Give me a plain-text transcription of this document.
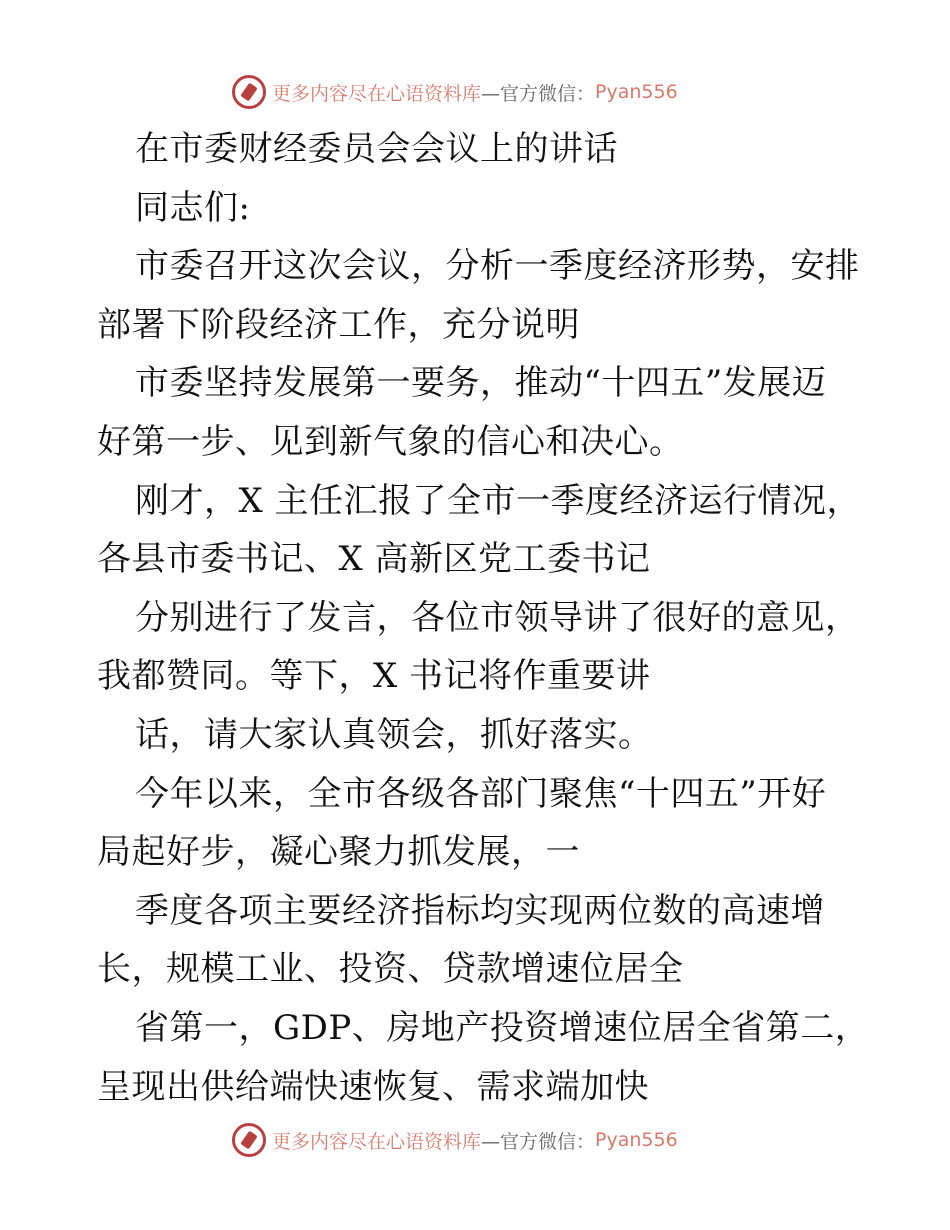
更多内容尽在心语资料库 —官方微信： Pyan556
在市委财经委员会会议上的讲话
同志们:
市委召开这次会议，分析一季度经济形势，安排
部署下阶段经济工作，充分说明
市委坚持发展第一要务，推动“十四五”发展迈
好第一步、见到新气象的信心和决心。
刚才，X 主任汇报了全市一季度经济运行情况，
各县市委书记、X 高新区党工委书记
分别进行了发言，各位市领导讲了很好的意见，
我都赞同。等下，X 书记将作重要讲
话，请大家认真领会，抓好落实。
今年以来，全市各级各部门聚焦“十四五”开好
局起好步，凝心聚力抓发展，一
季度各项主要经济指标均实现两位数的高速增
长，规模工业、投资、贷款增速位居全
省第一，GDP、房地产投资增速位居全省第二，
呈现出供给端快速恢复、需求端加快
更多内容尽在心语资料库 —官方微信： Pyan556
